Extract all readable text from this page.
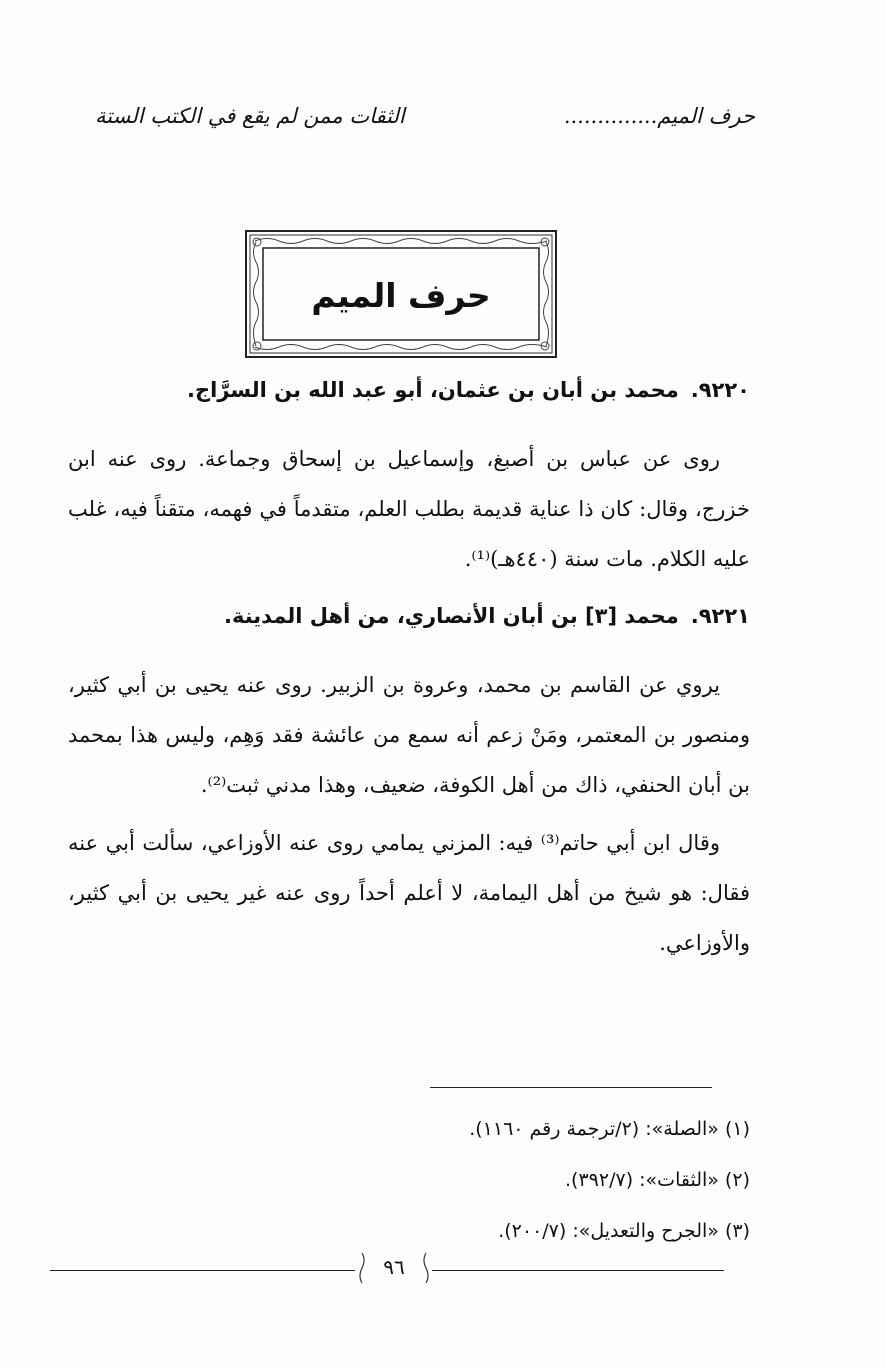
حرف الميم..............
الثقات ممن لم يقع في الكتب الستة
حرف الميم
٩٢٢٠.محمد بن أبان بن عثمان، أبو عبد الله بن السرَّاج.

روى عن عباس بن أصبغ، وإسماعيل بن إسحاق وجماعة. روى عنه ابن خزرج، وقال: كان ذا عناية قديمة بطلب العلم، متقدماً في فهمه، متقناً فيه، غلب عليه الكلام. مات سنة (٤٤٠هـ)⁽¹⁾.

٩٢٢١.محمد [٣] بن أبان الأنصاري، من أهل المدينة.

يروي عن القاسم بن محمد، وعروة بن الزبير. روى عنه يحيى بن أبي كثير، ومنصور بن المعتمر، ومَنْ زعم أنه سمع من عائشة فقد وَهِم، وليس هذا بمحمد بن أبان الحنفي، ذاك من أهل الكوفة، ضعيف، وهذا مدني ثبت⁽²⁾.

وقال ابن أبي حاتم⁽³⁾ فيه: المزني يمامي روى عنه الأوزاعي، سألت أبي عنه فقال: هو شيخ من أهل اليمامة، لا أعلم أحداً روى عنه غير يحيى بن أبي كثير، والأوزاعي.

(١) «الصلة»: (٢/ترجمة رقم ١١٦٠).
(٢) «الثقات»: (٣٩٢/٧).
(٣) «الجرح والتعديل»: (٢٠٠/٧).
٩٦
